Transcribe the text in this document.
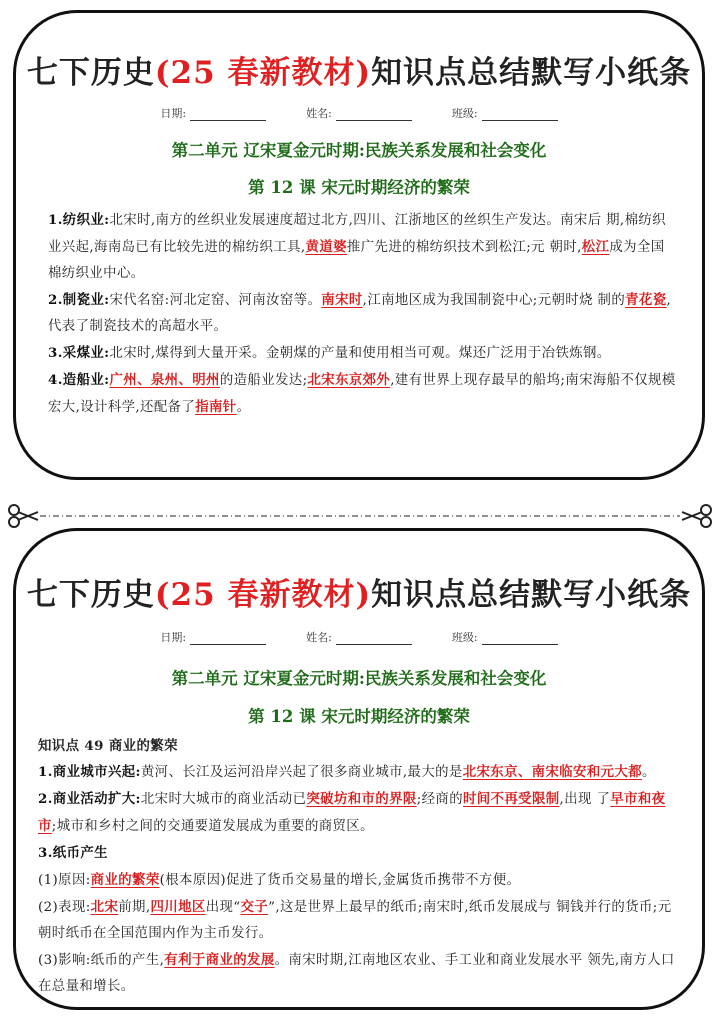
七下历史(25 春新教材)知识点总结默写小纸条
日期:	姓名:	班级:
第二单元 辽宋夏金元时期:民族关系发展和社会变化
第 12 课 宋元时期经济的繁荣
1.纺织业:北宋时,南方的丝织业发展速度超过北方,四川、江浙地区的丝织生产发达。南宋后 期,棉纺织业兴起,海南岛已有比较先进的棉纺织工具,黄道婆推广先进的棉纺织技术到松江;元 朝时,松江成为全国棉纺织业中心。
2.制瓷业:宋代名窑:河北定窑、河南汝窑等。南宋时,江南地区成为我国制瓷中心;元朝时烧 制的青花瓷,代表了制瓷技术的高超水平。
3.采煤业:北宋时,煤得到大量开采。金朝煤的产量和使用相当可观。煤还广泛用于冶铁炼钢。
4.造船业:广州、泉州、明州的造船业发达;北宋东京郊外,建有世界上现存最早的船坞;南宋海船不仅规模宏大,设计科学,还配备了指南针。
七下历史(25 春新教材)知识点总结默写小纸条
日期:	姓名:	班级:
第二单元 辽宋夏金元时期:民族关系发展和社会变化
第 12 课 宋元时期经济的繁荣
知识点 49 商业的繁荣
1.商业城市兴起:黄河、长江及运河沿岸兴起了很多商业城市,最大的是北宋东京、南宋临安和元大都。
2.商业活动扩大:北宋时大城市的商业活动已突破坊和市的界限;经商的时间不再受限制,出现 了早市和夜市;城市和乡村之间的交通要道发展成为重要的商贸区。
3.纸币产生
(1)原因:商业的繁荣(根本原因)促进了货币交易量的增长,金属货币携带不方便。
(2)表现:北宋前期,四川地区出现“交子”,这是世界上最早的纸币;南宋时,纸币发展成与 铜钱并行的货币;元朝时纸币在全国范围内作为主币发行。
(3)影响:纸币的产生,有利于商业的发展。南宋时期,江南地区农业、手工业和商业发展水平 领先,南方人口在总量和增长。
